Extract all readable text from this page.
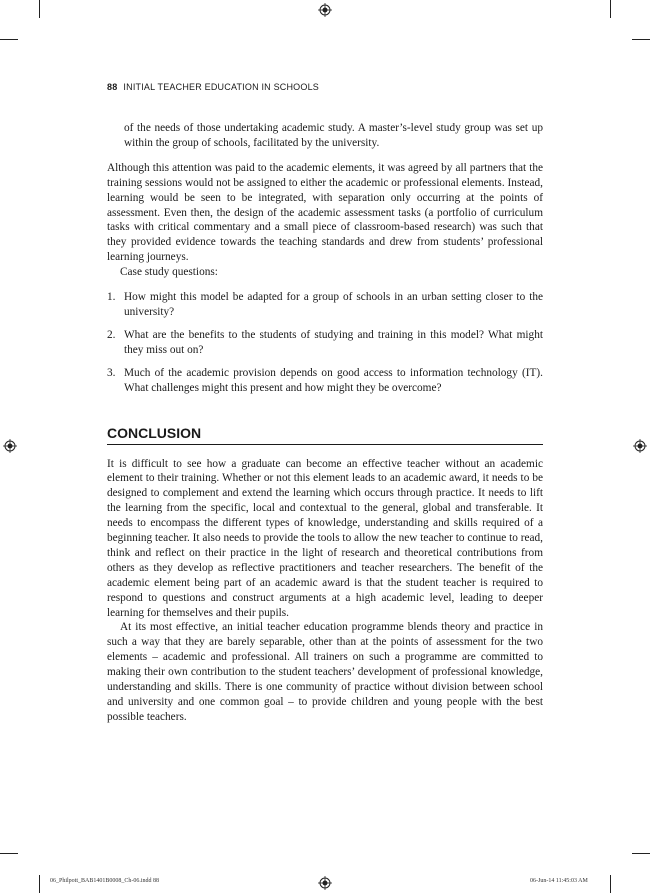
88 INITIAL TEACHER EDUCATION IN SCHOOLS

of the needs of those undertaking academic study. A master’s-level study group was set up within the group of schools, facilitated by the university.

Although this attention was paid to the academic elements, it was agreed by all partners that the training sessions would not be assigned to either the academic or professional elements. Instead, learning would be seen to be integrated, with separation only occurring at the points of assessment. Even then, the design of the academic assessment tasks (a portfolio of curriculum tasks with critical commentary and a small piece of classroom-based research) was such that they provided evidence towards the teaching standards and drew from students’ professional learning journeys.

Case study questions:

1. How might this model be adapted for a group of schools in an urban setting closer to the university?
2. What are the benefits to the students of studying and training in this model? What might they miss out on?
3. Much of the academic provision depends on good access to information technology (IT). What challenges might this present and how might they be overcome?
CONCLUSION

It is difficult to see how a graduate can become an effective teacher without an academic element to their training. Whether or not this element leads to an academic award, it needs to be designed to complement and extend the learning which occurs through practice. It needs to lift the learning from the specific, local and contextual to the general, global and transferable. It needs to encompass the different types of knowledge, understanding and skills required of a beginning teacher. It also needs to provide the tools to allow the new teacher to continue to read, think and reflect on their practice in the light of research and theoretical contributions from others as they develop as reflective practitioners and teacher researchers. The benefit of the academic element being part of an academic award is that the student teacher is required to respond to questions and construct arguments at a high academic level, leading to deeper learning for themselves and their pupils.

At its most effective, an initial teacher education programme blends theory and practice in such a way that they are barely separable, other than at the points of assessment for the two elements – academic and professional. All trainers on such a programme are committed to making their own contribution to the student teachers’ development of professional knowledge, understanding and skills. There is one community of practice without division between school and university and one common goal – to provide children and young people with the best possible teachers.

06_Philpott_BAB1401B0008_Ch-06.indd 88	06-Jun-14 11:45:03 AM
